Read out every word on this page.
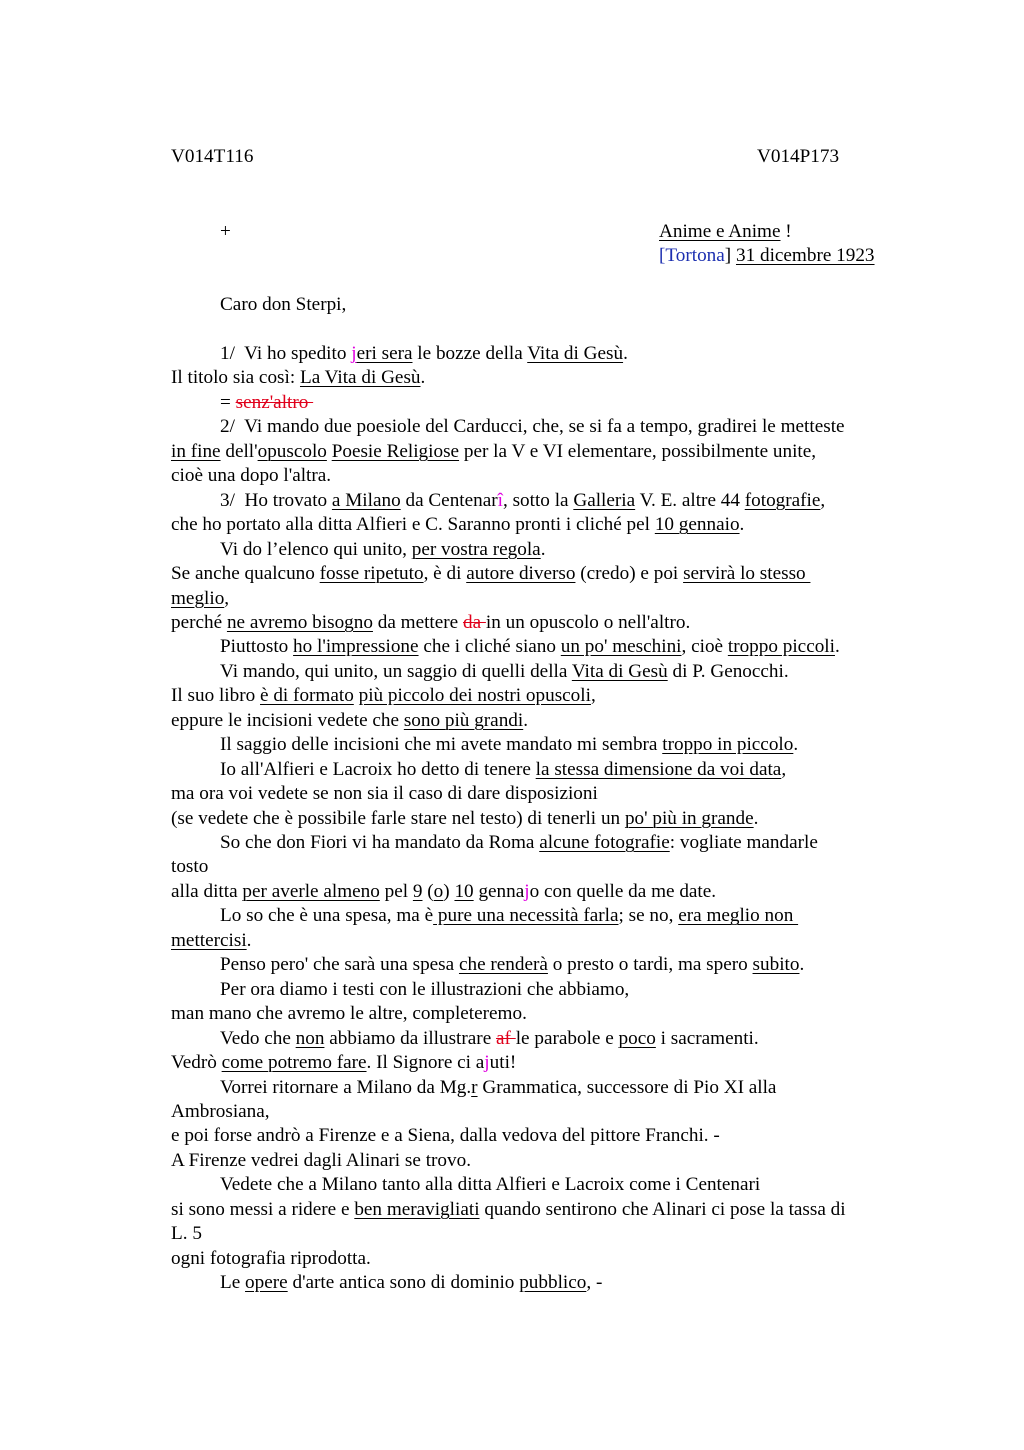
V014T116	V014P173
+	Anime e Anime !
[Tortona] 31 dicembre 1923
Caro don Sterpi,
1/  Vi ho spedito jeri sera le bozze della Vita di Gesù.
Il titolo sia così: La Vita di Gesù.
= senz'altro
2/  Vi mando due poesiole del Carducci, che, se si fa a tempo, gradirei le metteste
in fine dell'opuscolo Poesie Religiose per la V e VI elementare, possibilmente unite,
cioè una dopo l'altra.
3/  Ho trovato a Milano da Centenarî, sotto la Galleria V. E. altre 44 fotografie,
che ho portato alla ditta Alfieri e C. Saranno pronti i cliché pel 10 gennaio.
Vi do l’elenco qui unito, per vostra regola.
Se anche qualcuno fosse ripetuto, è di autore diverso (credo) e poi servirà lo stesso
meglio,
perché ne avremo bisogno da mettere da in un opuscolo o nell'altro.
Piuttosto ho l'impressione che i cliché siano un po' meschini, cioè troppo piccoli.
Vi mando, qui unito, un saggio di quelli della Vita di Gesù di P. Genocchi.
Il suo libro è di formato più piccolo dei nostri opuscoli,
eppure le incisioni vedete che sono più grandi.
Il saggio delle incisioni che mi avete mandato mi sembra troppo in piccolo.
Io all'Alfieri e Lacroix ho detto di tenere la stessa dimensione da voi data,
ma ora voi vedete se non sia il caso di dare disposizioni
(se vedete che è possibile farle stare nel testo) di tenerli un po' più in grande.
So che don Fiori vi ha mandato da Roma alcune fotografie: vogliate mandarle
tosto
alla ditta per averle almeno pel 9 (o) 10 gennajo con quelle da me date.
Lo so che è una spesa, ma è pure una necessità farla; se no, era meglio non
mettercisi.
Penso pero' che sarà una spesa che renderà o presto o tardi, ma spero subito.
Per ora diamo i testi con le illustrazioni che abbiamo,
man mano che avremo le altre, completeremo.
Vedo che non abbiamo da illustrare af le parabole e poco i sacramenti.
Vedrò come potremo fare. Il Signore ci ajuti!
Vorrei ritornare a Milano da Mg.r Grammatica, successore di Pio XI alla
Ambrosiana,
e poi forse andrò a Firenze e a Siena, dalla vedova del pittore Franchi. -
A Firenze vedrei dagli Alinari se trovo.
Vedete che a Milano tanto alla ditta Alfieri e Lacroix come i Centenari
si sono messi a ridere e ben meravigliati quando sentirono che Alinari ci pose la tassa di
L. 5
ogni fotografia riprodotta.
Le opere d'arte antica sono di dominio pubblico, -
